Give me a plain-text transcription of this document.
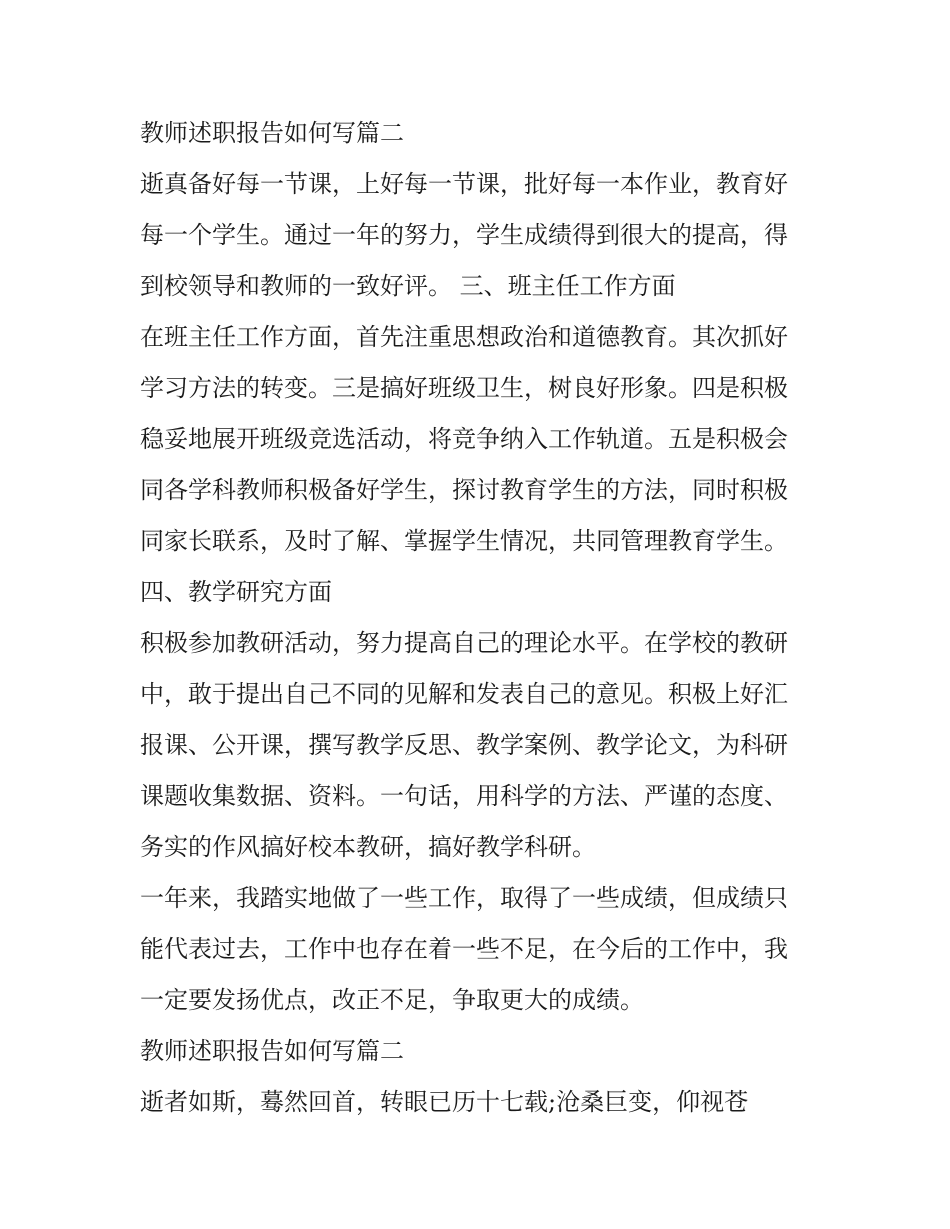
教师述职报告如何写篇二
逝真备好每一节课，上好每一节课，批好每一本作业，教育好
每一个学生。通过一年的努力，学生成绩得到很大的提高，得
到校领导和教师的一致好评。 三、班主任工作方面
在班主任工作方面，首先注重思想政治和道德教育。其次抓好
学习方法的转变。三是搞好班级卫生，树良好形象。四是积极
稳妥地展开班级竞选活动，将竞争纳入工作轨道。五是积极会
同各学科教师积极备好学生，探讨教育学生的方法，同时积极
同家长联系，及时了解、掌握学生情况，共同管理教育学生。
四、教学研究方面
积极参加教研活动，努力提高自己的理论水平。在学校的教研
中，敢于提出自己不同的见解和发表自己的意见。积极上好汇
报课、公开课，撰写教学反思、教学案例、教学论文，为科研
课题收集数据、资料。一句话，用科学的方法、严谨的态度、
务实的作风搞好校本教研，搞好教学科研。
一年来，我踏实地做了一些工作，取得了一些成绩，但成绩只
能代表过去，工作中也存在着一些不足，在今后的工作中，我
一定要发扬优点，改正不足，争取更大的成绩。
教师述职报告如何写篇二
逝者如斯，蓦然回首，转眼已历十七载;沧桑巨变，仰视苍
